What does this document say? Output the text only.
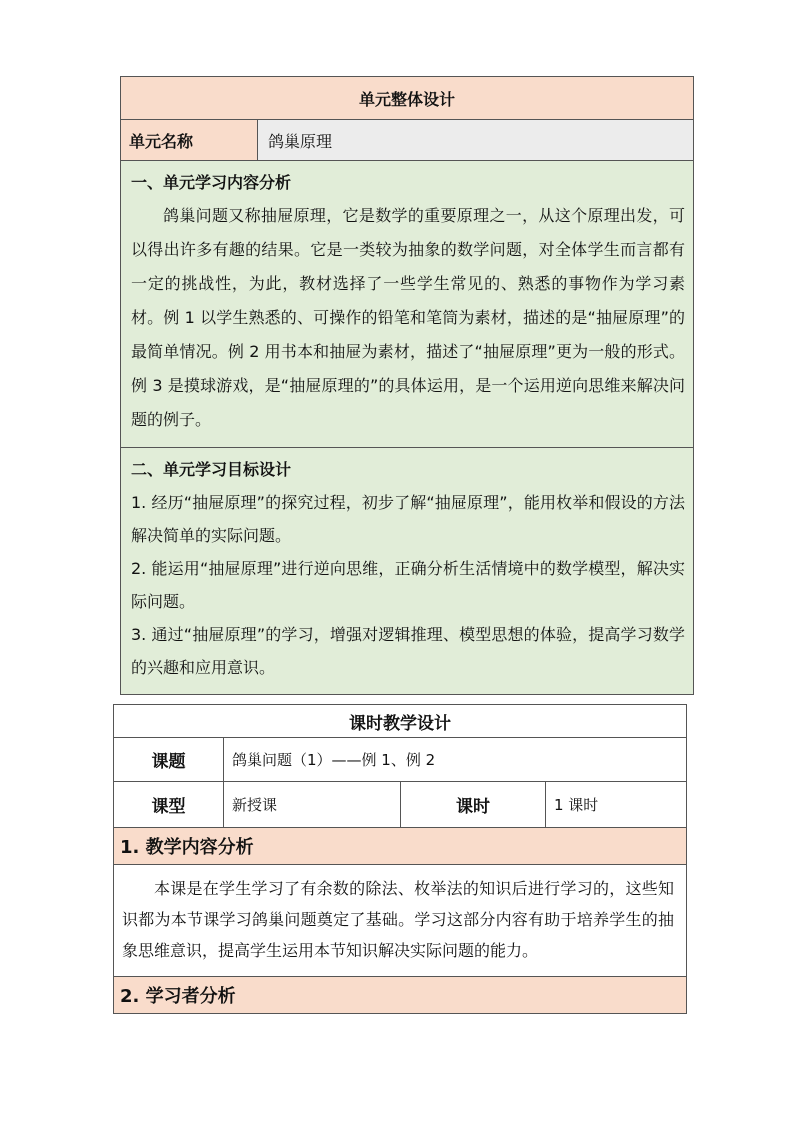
单元整体设计
单元名称	鸽巢原理

一、单元学习内容分析
鸽巢问题又称抽屉原理，它是数学的重要原理之一，从这个原理出发，可以得出许多有趣的结果。它是一类较为抽象的数学问题，对全体学生而言都有一定的挑战性，为此，教材选择了一些学生常见的、熟悉的事物作为学习素材。例 1 以学生熟悉的、可操作的铅笔和笔筒为素材，描述的是“抽屉原理”的最简单情况。例 2 用书本和抽屉为素材，描述了“抽屉原理”更为一般的形式。例 3 是摸球游戏，是“抽屉原理的”的具体运用，是一个运用逆向思维来解决问题的例子。

二、单元学习目标设计
1. 经历“抽屉原理”的探究过程，初步了解“抽屉原理”，能用枚举和假设的方法解决简单的实际问题。
2. 能运用“抽屉原理”进行逆向思维，正确分析生活情境中的数学模型，解决实际问题。
3. 通过“抽屉原理”的学习，增强对逻辑推理、模型思想的体验，提高学习数学的兴趣和应用意识。
课时教学设计			
课题	鸽巢问题（1）——例 1、例 2		
课型	新授课	课时	1 课时
1. 教学内容分析			

本课是在学生学习了有余数的除法、枚举法的知识后进行学习的，这些知识都为本节课学习鸽巢问题奠定了基础。学习这部分内容有助于培养学生的抽象思维意识，提高学生运用本节知识解决实际问题的能力。			

2. 学习者分析			
